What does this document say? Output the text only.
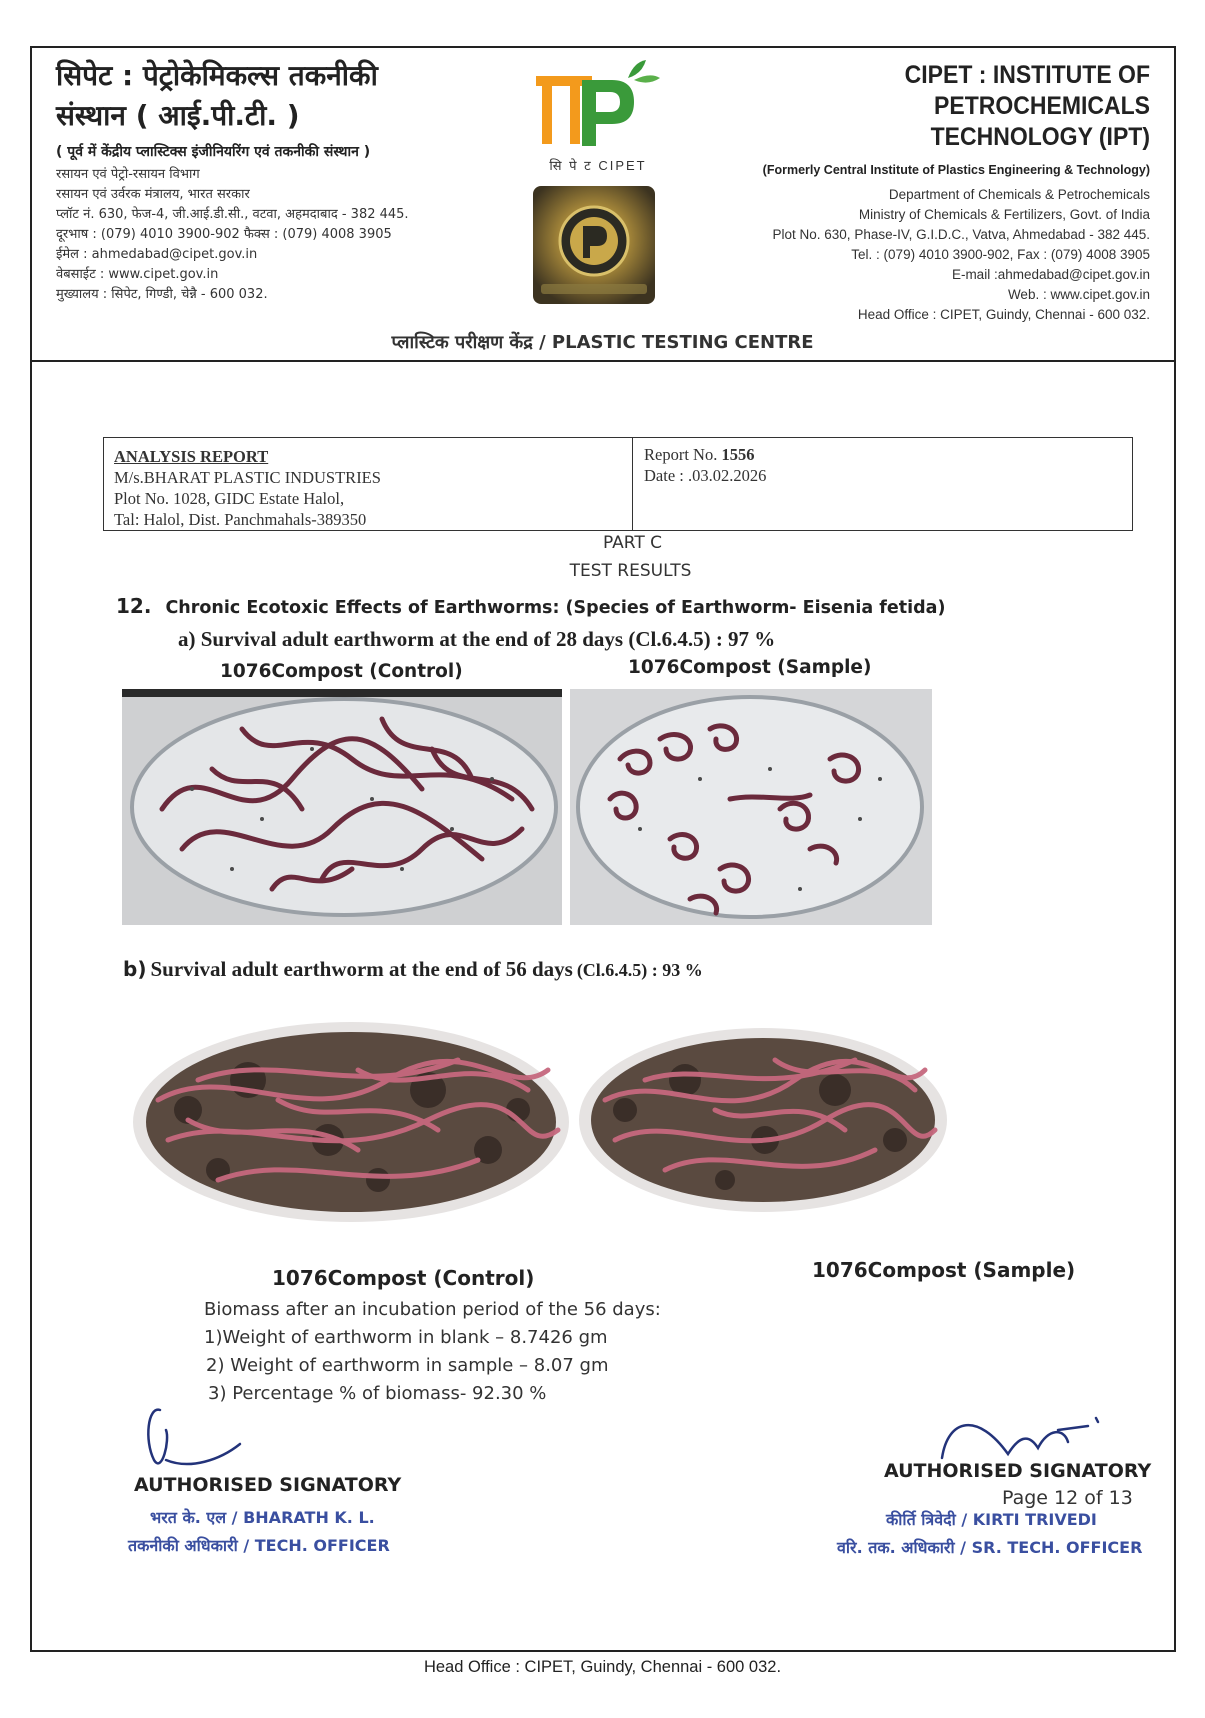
सिपेट : पेट्रोकेमिकल्स तकनीकी
संस्थान ( आई.पी.टी. )
( पूर्व में केंद्रीय प्लास्टिक्स इंजीनियरिंग एवं तकनीकी संस्थान )
रसायन एवं पेट्रो-रसायन विभाग
रसायन एवं उर्वरक मंत्रालय, भारत सरकार
प्लॉट नं. 630, फेज-4, जी.आई.डी.सी., वटवा, अहमदाबाद - 382 445.
दूरभाष : (079) 4010 3900-902 फैक्स : (079) 4008 3905
ईमेल : ahmedabad@cipet.gov.in
वेबसाईट : www.cipet.gov.in
मुख्यालय : सिपेट, गिण्डी, चेन्नै - 600 032.
सि पे ट CIPET
CIPET : INSTITUTE OF PETROCHEMICALS
TECHNOLOGY (IPT)
(Formerly Central Institute of Plastics Engineering & Technology)
Department of Chemicals & Petrochemicals
Ministry of Chemicals & Fertilizers, Govt. of India
Plot No. 630, Phase-IV, G.I.D.C., Vatva, Ahmedabad - 382 445.
Tel. : (079) 4010 3900-902, Fax : (079) 4008 3905
E-mail :ahmedabad@cipet.gov.in
Web. : www.cipet.gov.in
Head Office : CIPET, Guindy, Chennai - 600 032.
प्लास्टिक परीक्षण केंद्र / PLASTIC TESTING CENTRE
ANALYSIS REPORT
M/s.BHARAT PLASTIC INDUSTRIES
Plot No. 1028, GIDC Estate Halol,
Tal: Halol, Dist. Panchmahals-389350
Report No. 1556
Date : .03.02.2026
PART C
TEST RESULTS
12. Chronic Ecotoxic Effects of Earthworms: (Species of Earthworm- Eisenia fetida)
a) Survival adult earthworm at the end of 28 days (Cl.6.4.5) : 97 %
1076Compost (Control)	1076Compost (Sample)
b) Survival adult earthworm at the end of 56 days (Cl.6.4.5) : 93 %
1076Compost (Control)	1076Compost (Sample)
Biomass after an incubation period of the 56 days:
1)Weight of earthworm in blank – 8.7426 gm
2) Weight of earthworm in sample – 8.07 gm
3) Percentage % of biomass- 92.30 %
AUTHORISED SIGNATORY
भरत के. एल / BHARATH K. L.
तकनीकी अधिकारी / TECH. OFFICER
AUTHORISED SIGNATORY
Page 12 of 13
कीर्ति त्रिवेदी / KIRTI TRIVEDI
वरि. तक. अधिकारी / SR. TECH. OFFICER
Head Office : CIPET, Guindy, Chennai - 600 032.
